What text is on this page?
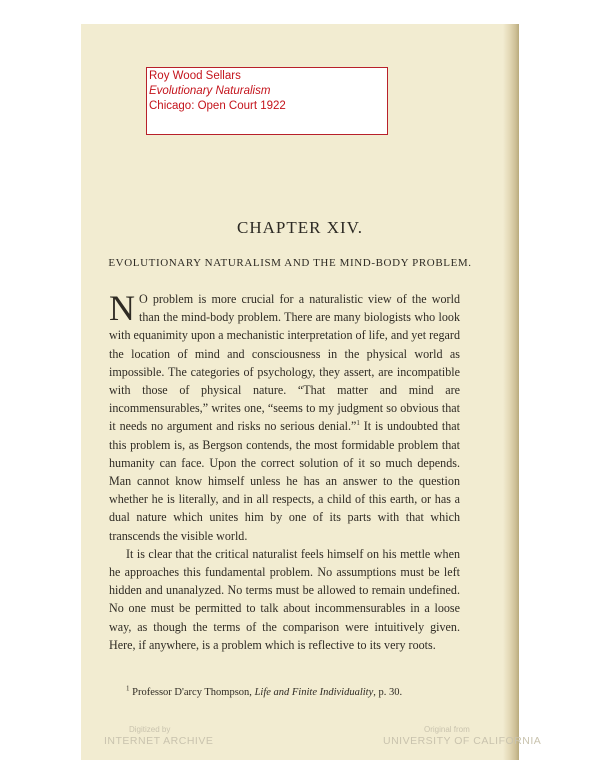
Roy Wood Sellars
Evolutionary Naturalism
Chicago: Open Court 1922
CHAPTER XIV.
EVOLUTIONARY NATURALISM AND THE MIND-BODY PROBLEM.

N O problem is more crucial for a naturalistic view of the world than the mind-body problem. There are many biologists who look with equanimity upon a mechanistic interpretation of life, and yet regard the location of mind and consciousness in the physical world as impossible. The categories of psychology, they assert, are incompatible with those of physical nature. “That matter and mind are incommensurables,” writes one, “seems to my judgment so obvious that it needs no argument and risks no serious denial.”$^1$ It is undoubted that this problem is, as Bergson contends, the most formidable problem that humanity can face. Upon the correct solution of it so much depends. Man cannot know himself unless he has an answer to the question whether he is literally, and in all respects, a child of this earth, or has a dual nature which unites him by one of its parts with that which transcends the visible world.

It is clear that the critical naturalist feels himself on his mettle when he approaches this fundamental problem. No assumptions must be left hidden and unanalyzed. No terms must be allowed to remain undefined. No one must be permitted to talk about incommensurables in a loose way, as though the terms of the comparison were intuitively given. Here, if anywhere, is a problem which is reflective to its very roots.

$^1$ Professor D'arcy Thompson, Life and Finite Individuality, p. 30.
Digitized by
INTERNET ARCHIVE
Original from
UNIVERSITY OF CALIFORNIA
